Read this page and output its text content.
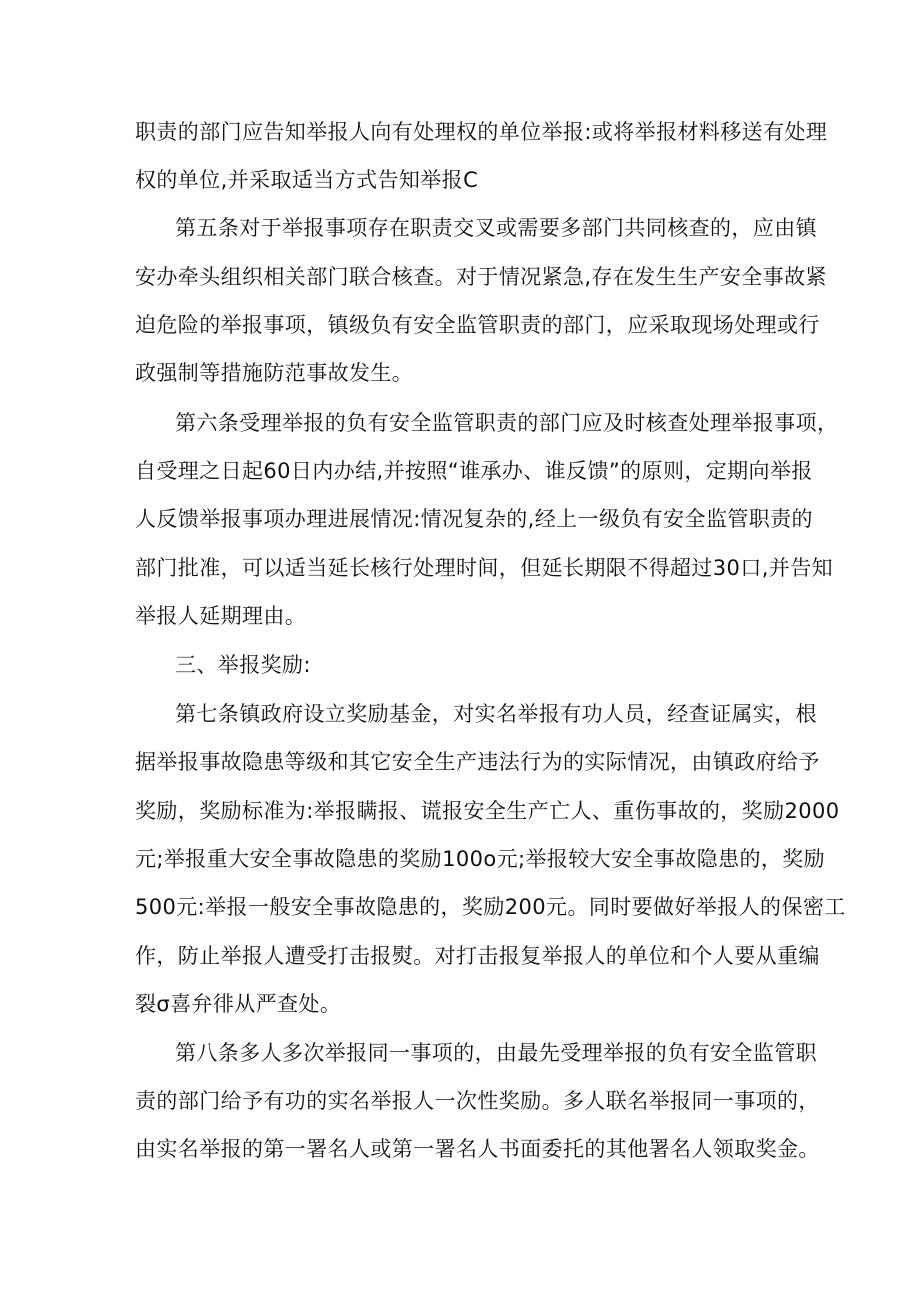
职责的部门应告知举报人向有处理权的单位举报:或将举报材料移送有处理
权的单位,并采取适当方式告知举报C
第五条对于举报事项存在职责交叉或需要多部门共同核查的，应由镇
安办牵头组织相关部门联合核查。对于情况紧急,存在发生生产安全事故紧
迫危险的举报事项，镇级负有安全监管职责的部门，应采取现场处理或行
政强制等措施防范事故发生。
第六条受理举报的负有安全监管职责的部门应及时核查处理举报事项，
自受理之日起60日内办结,并按照“谁承办、谁反馈”的原则，定期向举报
人反馈举报事项办理进展情况:情况复杂的,经上一级负有安全监管职责的
部门批准，可以适当延长核行处理时间，但延长期限不得超过30口,并告知
举报人延期理由。
三、举报奖励:
第七条镇政府设立奖励基金，对实名举报有功人员，经查证属实，根
据举报事故隐患等级和其它安全生产违法行为的实际情况，由镇政府给予
奖励，奖励标准为:举报瞒报、谎报安全生产亡人、重伤事故的，奖励2000
元;举报重大安全事故隐患的奖励100o元;举报较大安全事故隐患的，奖励
500元:举报一般安全事故隐患的，奖励200元。同时要做好举报人的保密工
作，防止举报人遭受打击报熨。对打击报复举报人的单位和个人要从重编
裂σ喜弁徘从严查处。
第八条多人多次举报同一事项的，由最先受理举报的负有安全监管职
责的部门给予有功的实名举报人一次性奖励。多人联名举报同一事项的，
由实名举报的第一署名人或第一署名人书面委托的其他署名人领取奖金。
